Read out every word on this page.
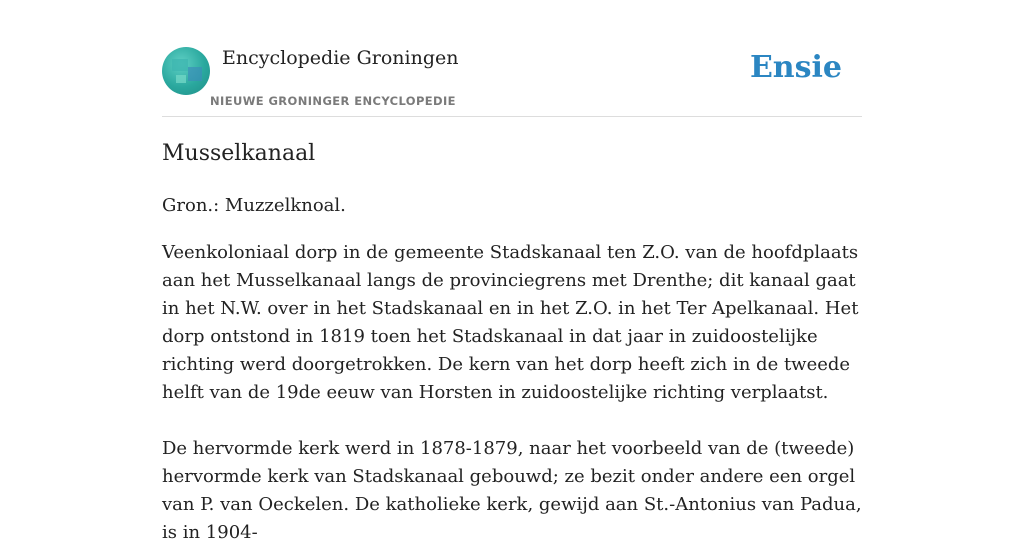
Encyclopedie Groningen
NIEUWE GRONINGER ENCYCLOPEDIE
Ensie
Musselkanaal

Gron.: Muzzelknoal.

Veenkoloniaal dorp in de gemeente Stadskanaal ten Z.O. van de hoofdplaats aan het Musselkanaal langs de provinciegrens met Drenthe; dit kanaal gaat in het N.W. over in het Stadskanaal en in het Z.O. in het Ter Apelkanaal. Het dorp ontstond in 1819 toen het Stadskanaal in dat jaar in zuidoostelijke richting werd doorgetrokken. De kern van het dorp heeft zich in de tweede helft van de 19de eeuw van Horsten in zuidoostelijke richting verplaatst.

De hervormde kerk werd in 1878-1879, naar het voorbeeld van de (tweede) hervormde kerk van Stadskanaal gebouwd; ze bezit onder andere een orgel van P. van Oeckelen. De katholieke kerk, gewijd aan St.-Antonius van Padua, is in 1904-
